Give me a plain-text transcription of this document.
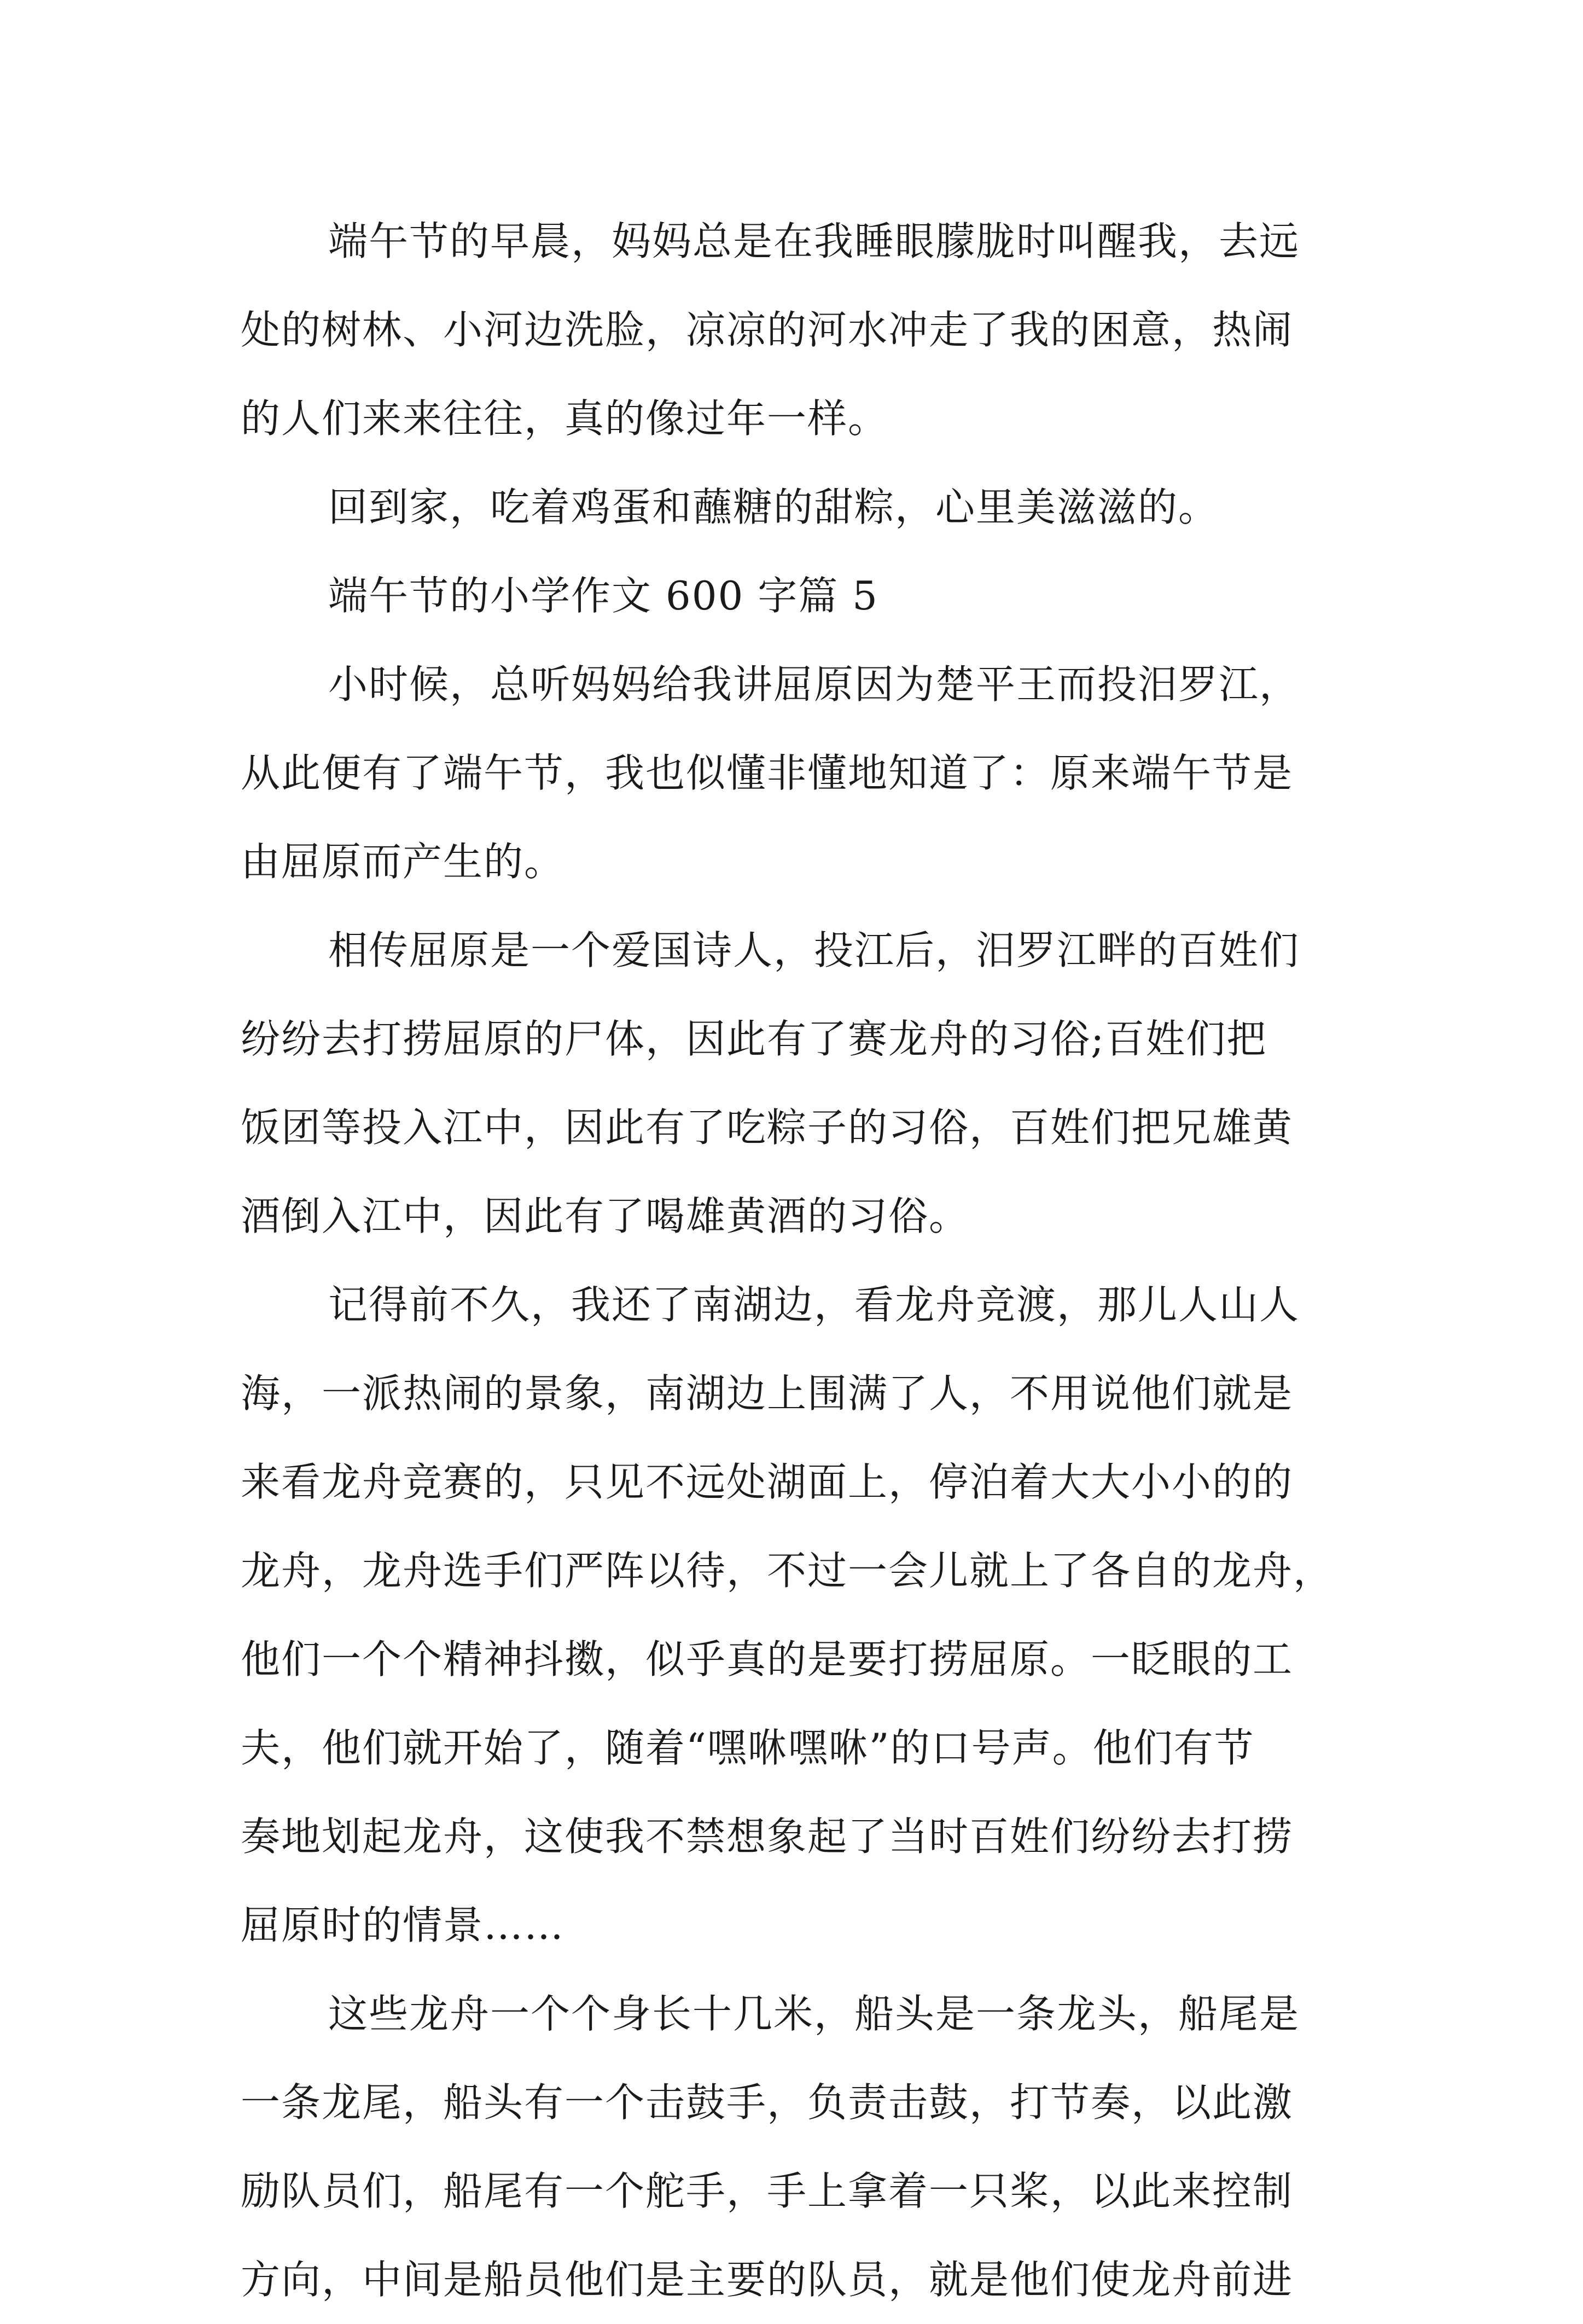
端午节的早晨，妈妈总是在我睡眼朦胧时叫醒我，去远
处的树林、小河边洗脸，凉凉的河水冲走了我的困意，热闹
的人们来来往往，真的像过年一样。

回到家，吃着鸡蛋和蘸糖的甜粽，心里美滋滋的。

端午节的小学作文 600 字篇 5

小时候，总听妈妈给我讲屈原因为楚平王而投汨罗江，
从此便有了端午节，我也似懂非懂地知道了：原来端午节是
由屈原而产生的。

相传屈原是一个爱国诗人，投江后，汨罗江畔的百姓们
纷纷去打捞屈原的尸体，因此有了赛龙舟的习俗;百姓们把
饭团等投入江中，因此有了吃粽子的习俗，百姓们把兄雄黄
酒倒入江中，因此有了喝雄黄酒的习俗。

记得前不久，我还了南湖边，看龙舟竞渡，那儿人山人
海，一派热闹的景象，南湖边上围满了人，不用说他们就是
来看龙舟竞赛的，只见不远处湖面上，停泊着大大小小的的
龙舟，龙舟选手们严阵以待，不过一会儿就上了各自的龙舟，
他们一个个精神抖擞，似乎真的是要打捞屈原。一眨眼的工
夫，他们就开始了，随着“嘿咻嘿咻”的口号声。他们有节
奏地划起龙舟，这使我不禁想象起了当时百姓们纷纷去打捞
屈原时的情景……

这些龙舟一个个身长十几米，船头是一条龙头，船尾是
一条龙尾，船头有一个击鼓手，负责击鼓，打节奏，以此激
励队员们，船尾有一个舵手，手上拿着一只桨，以此来控制
方向，中间是船员他们是主要的队员，就是他们使龙舟前进
